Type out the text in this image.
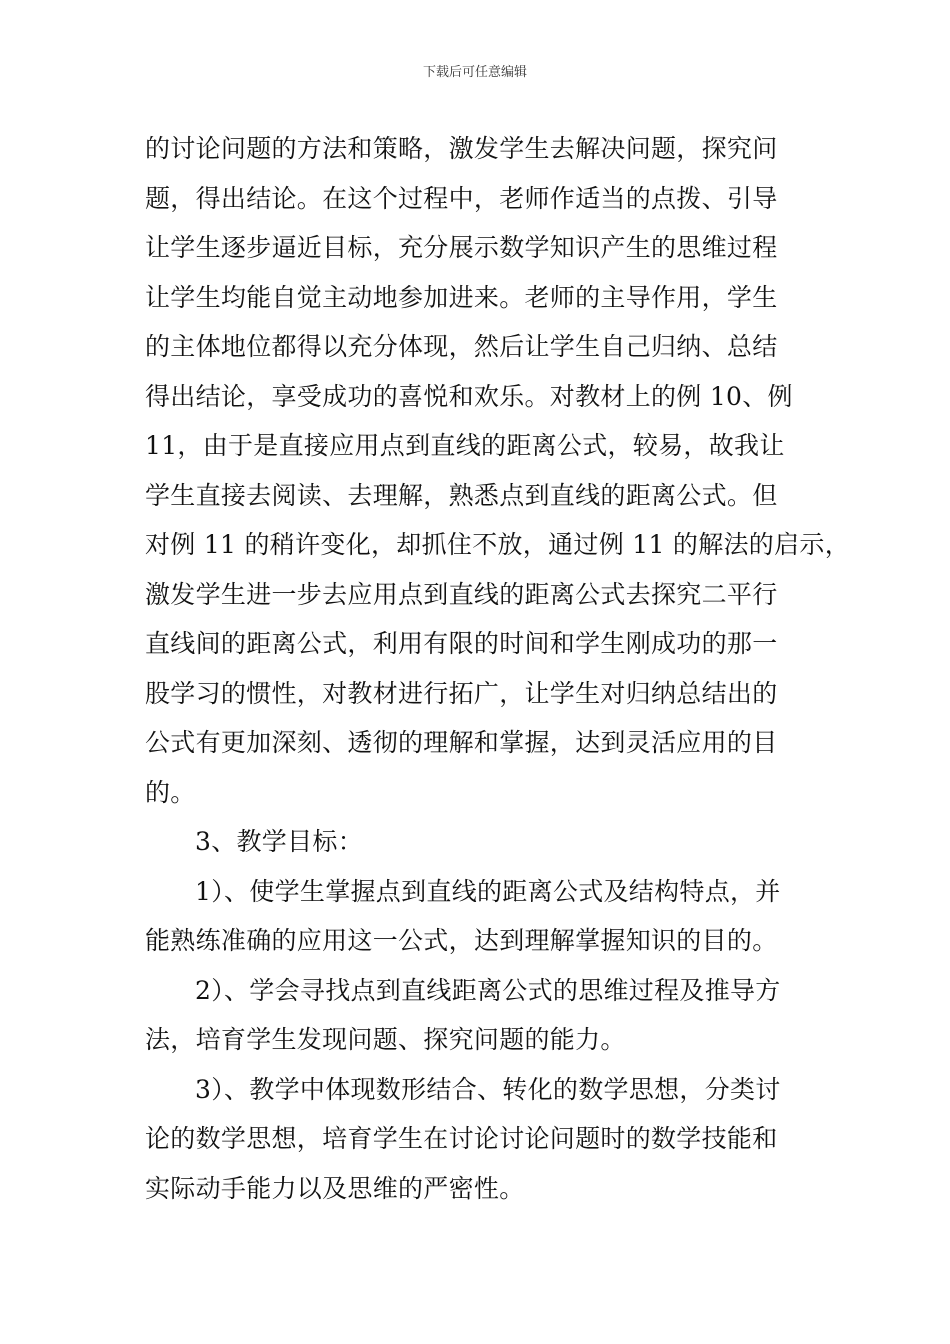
下载后可任意编辑
的讨论问题的方法和策略，激发学生去解决问题，探究问
题，得出结论。在这个过程中，老师作适当的点拨、引导
让学生逐步逼近目标，充分展示数学知识产生的思维过程
让学生均能自觉主动地参加进来。老师的主导作用，学生
的主体地位都得以充分体现，然后让学生自己归纳、总结
得出结论，享受成功的喜悦和欢乐。对教材上的例 10、例
11，由于是直接应用点到直线的距离公式，较易，故我让
学生直接去阅读、去理解，熟悉点到直线的距离公式。但
对例 11 的稍许变化，却抓住不放，通过例 11 的解法的启示，
激发学生进一步去应用点到直线的距离公式去探究二平行
直线间的距离公式，利用有限的时间和学生刚成功的那一
股学习的惯性，对教材进行拓广，让学生对归纳总结出的
公式有更加深刻、透彻的理解和掌握，达到灵活应用的目
的。
3、教学目标：
1）、使学生掌握点到直线的距离公式及结构特点，并
能熟练准确的应用这一公式，达到理解掌握知识的目的。
2）、学会寻找点到直线距离公式的思维过程及推导方
法，培育学生发现问题、探究问题的能力。
3）、教学中体现数形结合、转化的数学思想，分类讨
论的数学思想，培育学生在讨论讨论问题时的数学技能和
实际动手能力以及思维的严密性。
